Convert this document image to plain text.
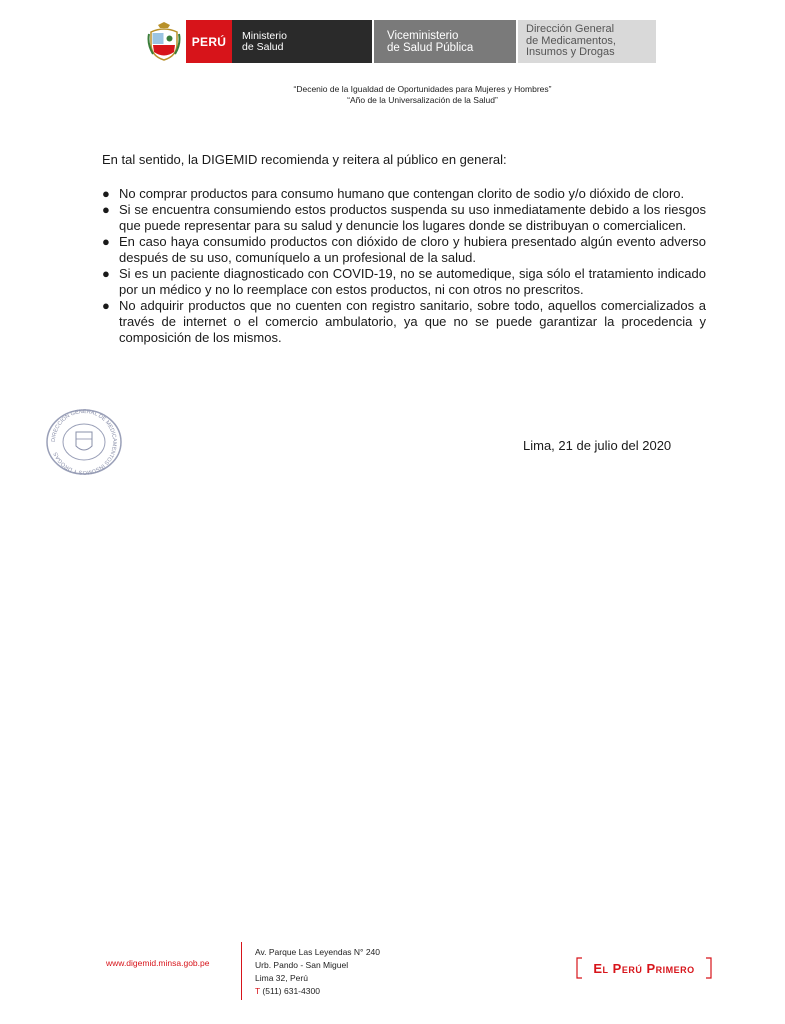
PERÚ	Ministerio
de Salud
Viceministerio
de Salud Pública
Dirección General
de Medicamentos,
Insumos y Drogas
“Decenio de la Igualdad de Oportunidades para Mujeres y Hombres”
“Año de la Universalización de la Salud”
En tal sentido, la DIGEMID recomienda y reitera al público en general:
● No comprar productos para consumo humano que contengan clorito de sodio y/o dióxido de cloro.
● Si se encuentra consumiendo estos productos suspenda su uso inmediatamente debido a los riesgos que puede representar para su salud y denuncie los lugares donde se distribuyan o comercialicen.
● En caso haya consumido productos con dióxido de cloro y hubiera presentado algún evento adverso después de su uso, comuníquelo a un profesional de la salud.
● Si es un paciente diagnosticado con COVID-19, no se automedique, siga sólo el tratamiento indicado por un médico y no lo reemplace con estos productos, ni con otros no prescritos.
● No adquirir productos que no cuenten con registro sanitario, sobre todo, aquellos comercializados a través de internet o el comercio ambulatorio, ya que no se puede garantizar la procedencia y composición de los mismos.
DIRECCIÓN GENERAL DE MEDICAMENTOS INSUMOS Y DROGAS
Lima, 21 de julio del 2020
www.digemid.minsa.gob.pe
Av. Parque Las Leyendas N° 240
Urb. Pando - San Miguel
Lima 32, Perú
T (511) 631-4300
El Perú Primero
